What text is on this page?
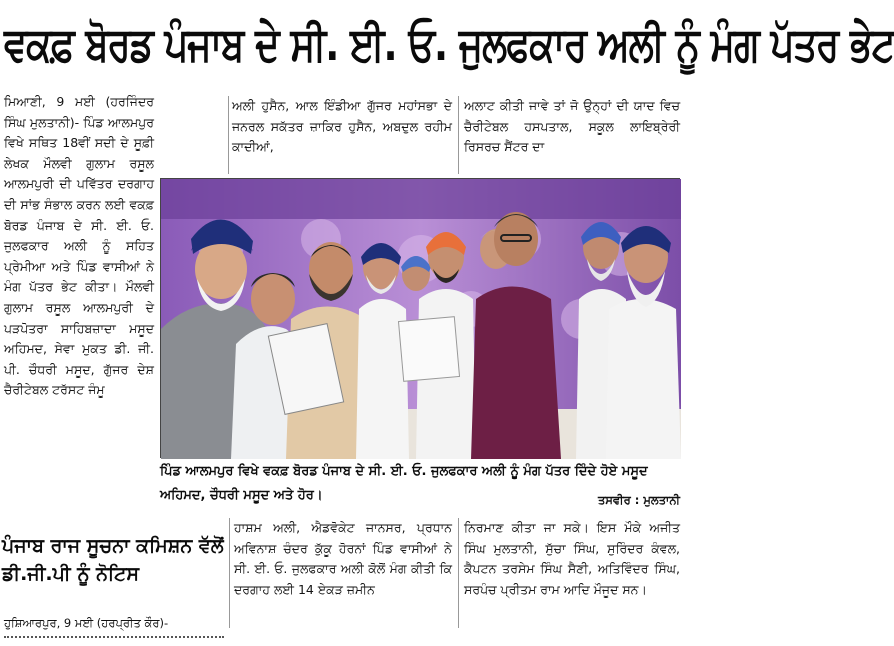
ਵਕਫ਼ ਬੋਰਡ ਪੰਜਾਬ ਦੇ ਸੀ. ਈ. ਓ. ਜੁਲਫਕਾਰ ਅਲੀ ਨੂੰ ਮੰਗ ਪੱਤਰ ਭੇਟ

ਮਿਆਣੀ, 9 ਮਈ (ਹਰਜਿੰਦਰ ਸਿੰਘ ਮੁਲਤਾਨੀ)- ਪਿੰਡ ਆਲਮਪੁਰ ਵਿਖੇ ਸਥਿਤ 18ਵੀਂ ਸਦੀ ਦੇ ਸੂਫ਼ੀ ਲੇਖਕ ਮੌਲਵੀ ਗੁਲਾਮ ਰਸੂਲ ਆਲਮਪੁਰੀ ਦੀ ਪਵਿੱਤਰ ਦਰਗਾਹ ਦੀ ਸਾਂਭ ਸੰਭਾਲ ਕਰਨ ਲਈ ਵਕਫ਼ ਬੋਰਡ ਪੰਜਾਬ ਦੇ ਸੀ. ਈ. ਓ. ਜੁਲਫਕਾਰ ਅਲੀ ਨੂੰ ਸਹਿਤ ਪ੍ਰੇਮੀਆ ਅਤੇ ਪਿੰਡ ਵਾਸੀਆਂ ਨੇ ਮੰਗ ਪੱਤਰ ਭੇਟ ਕੀਤਾ। ਮੌਲਵੀ ਗੁਲਾਮ ਰਸੂਲ ਆਲਮਪੁਰੀ ਦੇ ਪੜਪੋਤਰਾ ਸਾਹਿਬਜ਼ਾਦਾ ਮਸੂਦ ਅਹਿਮਦ, ਸੇਵਾ ਮੁਕਤ ਡੀ. ਜੀ. ਪੀ. ਚੌਧਰੀ ਮਸੂਦ, ਗੁੱਜਰ ਦੇਸ਼ ਚੈਰੀਟੇਬਲ ਟਰੱਸਟ ਜੰਮੂ

ਅਲੀ ਹੁਸੈਨ, ਆਲ ਇੰਡੀਆ ਗੁੱਜਰ ਮਹਾਂਸਭਾ ਦੇ ਜਨਰਲ ਸਕੱਤਰ ਜ਼ਾਕਿਰ ਹੁਸੈਨ, ਅਬਦੁਲ ਰਹੀਮ ਕਾਦੀਆਂ,

ਅਲਾਟ ਕੀਤੀ ਜਾਵੇ ਤਾਂ ਜੋ ਉਨ੍ਹਾਂ ਦੀ ਯਾਦ ਵਿਚ ਚੈਰੀਟੇਬਲ ਹਸਪਤਾਲ, ਸਕੂਲ ਲਾਇਬ੍ਰੇਰੀ ਰਿਸਰਚ ਸੈਂਟਰ ਦਾ

ਪਿੰਡ ਆਲਮਪੁਰ ਵਿਖੇ ਵਕਫ਼ ਬੋਰਡ ਪੰਜਾਬ ਦੇ ਸੀ. ਈ. ਓ. ਜੁਲਫਕਾਰ ਅਲੀ ਨੂੰ ਮੰਗ ਪੱਤਰ ਦਿੰਦੇ ਹੋਏ ਮਸੂਦ ਅਹਿਮਦ, ਚੌਧਰੀ ਮਸੂਦ ਅਤੇ ਹੋਰ।	ਤਸਵੀਰ : ਮੁਲਤਾਨੀ

ਹਾਸ਼ਮ ਅਲੀ, ਐਡਵੋਕੇਟ ਜਾਨਸਰ, ਪ੍ਰਧਾਨ ਅਵਿਨਾਸ਼ ਚੰਦਰ ਕੁੱਕੂ ਹੋਰਨਾਂ ਪਿੰਡ ਵਾਸੀਆਂ ਨੇ ਸੀ. ਈ. ਓ. ਜੁਲਫਕਾਰ ਅਲੀ ਕੋਲੋਂ ਮੰਗ ਕੀਤੀ ਕਿ ਦਰਗਾਹ ਲਈ 14 ਏਕੜ ਜ਼ਮੀਨ

ਨਿਰਮਾਣ ਕੀਤਾ ਜਾ ਸਕੇ। ਇਸ ਮੌਕੇ ਅਜੀਤ ਸਿੰਘ ਮੁਲਤਾਨੀ, ਸੁੱਚਾ ਸਿੰਘ, ਸੁਰਿੰਦਰ ਕੰਵਲ, ਕੈਪਟਨ ਤਰਸੇਮ ਸਿੰਘ ਸੈਣੀ, ਅਤਿਵਿੰਦਰ ਸਿੰਘ, ਸਰਪੰਚ ਪ੍ਰੀਤਮ ਰਾਮ ਆਦਿ ਮੌਜੂਦ ਸਨ।

ਪੰਜਾਬ ਰਾਜ ਸੂਚਨਾ ਕਮਿਸ਼ਨ ਵੱਲੋਂ ਡੀ.ਜੀ.ਪੀ ਨੂੰ ਨੋਟਿਸ
ਹੁਸ਼ਿਆਰਪੁਰ, 9 ਮਈ (ਹਰਪ੍ਰੀਤ ਕੌਰ)-
